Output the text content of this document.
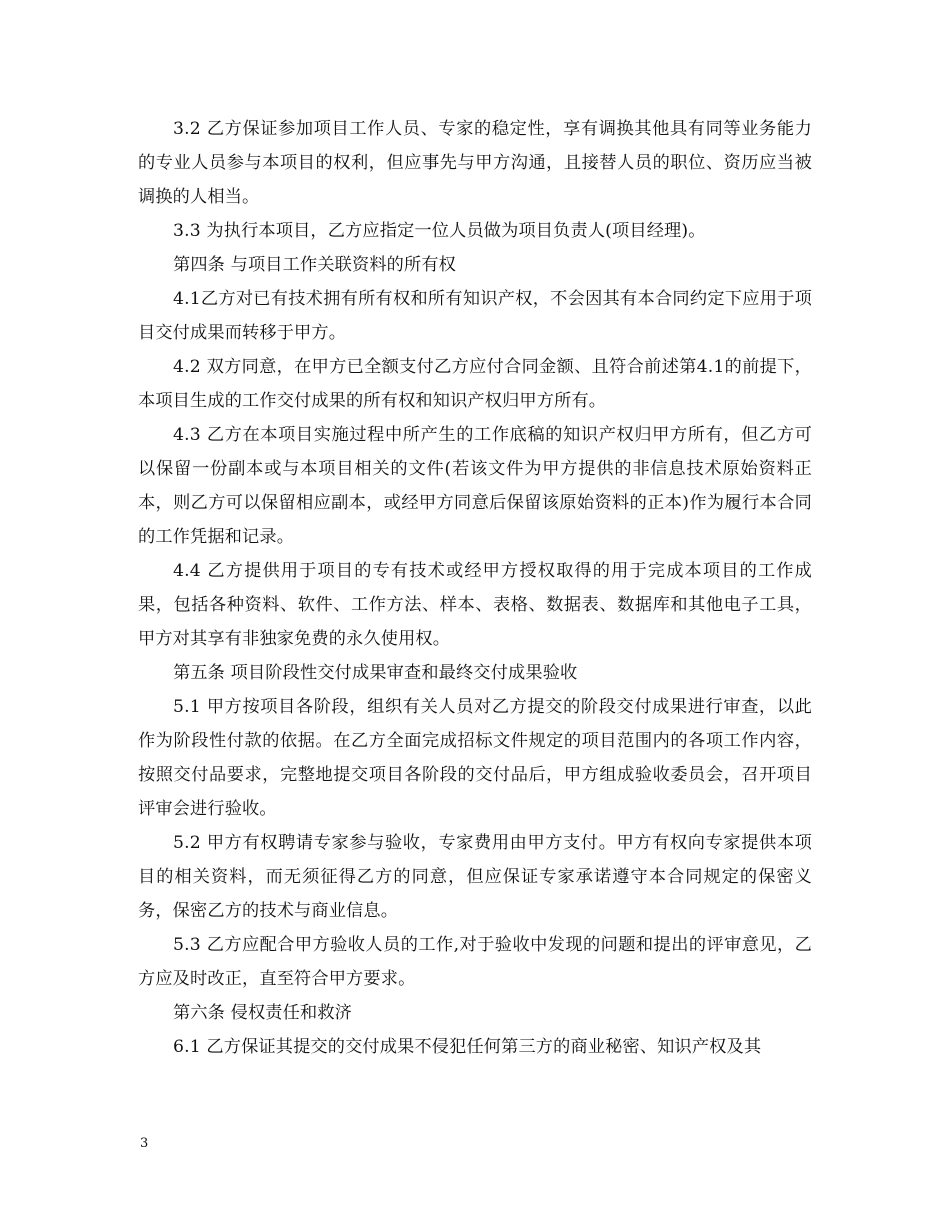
3.2 乙方保证参加项目工作人员、专家的稳定性，享有调换其他具有同等业务能力的专业人员参与本项目的权利，但应事先与甲方沟通，且接替人员的职位、资历应当被调换的人相当。

3.3 为执行本项目，乙方应指定一位人员做为项目负责人(项目经理)。

第四条 与项目工作关联资料的所有权

4.1乙方对已有技术拥有所有权和所有知识产权，不会因其有本合同约定下应用于项目交付成果而转移于甲方。

4.2 双方同意，在甲方已全额支付乙方应付合同金额、且符合前述第4.1的前提下，本项目生成的工作交付成果的所有权和知识产权归甲方所有。

4.3 乙方在本项目实施过程中所产生的工作底稿的知识产权归甲方所有，但乙方可以保留一份副本或与本项目相关的文件(若该文件为甲方提供的非信息技术原始资料正本，则乙方可以保留相应副本，或经甲方同意后保留该原始资料的正本)作为履行本合同的工作凭据和记录。

4.4 乙方提供用于项目的专有技术或经甲方授权取得的用于完成本项目的工作成果，包括各种资料、软件、工作方法、样本、表格、数据表、数据库和其他电子工具，甲方对其享有非独家免费的永久使用权。

第五条 项目阶段性交付成果审查和最终交付成果验收

5.1 甲方按项目各阶段，组织有关人员对乙方提交的阶段交付成果进行审查，以此作为阶段性付款的依据。在乙方全面完成招标文件规定的项目范围内的各项工作内容，按照交付品要求，完整地提交项目各阶段的交付品后，甲方组成验收委员会，召开项目评审会进行验收。

5.2 甲方有权聘请专家参与验收，专家费用由甲方支付。甲方有权向专家提供本项目的相关资料，而无须征得乙方的同意，但应保证专家承诺遵守本合同规定的保密义务，保密乙方的技术与商业信息。

5.3 乙方应配合甲方验收人员的工作,对于验收中发现的问题和提出的评审意见，乙方应及时改正，直至符合甲方要求。

第六条 侵权责任和救济

6.1 乙方保证其提交的交付成果不侵犯任何第三方的商业秘密、知识产权及其

3
